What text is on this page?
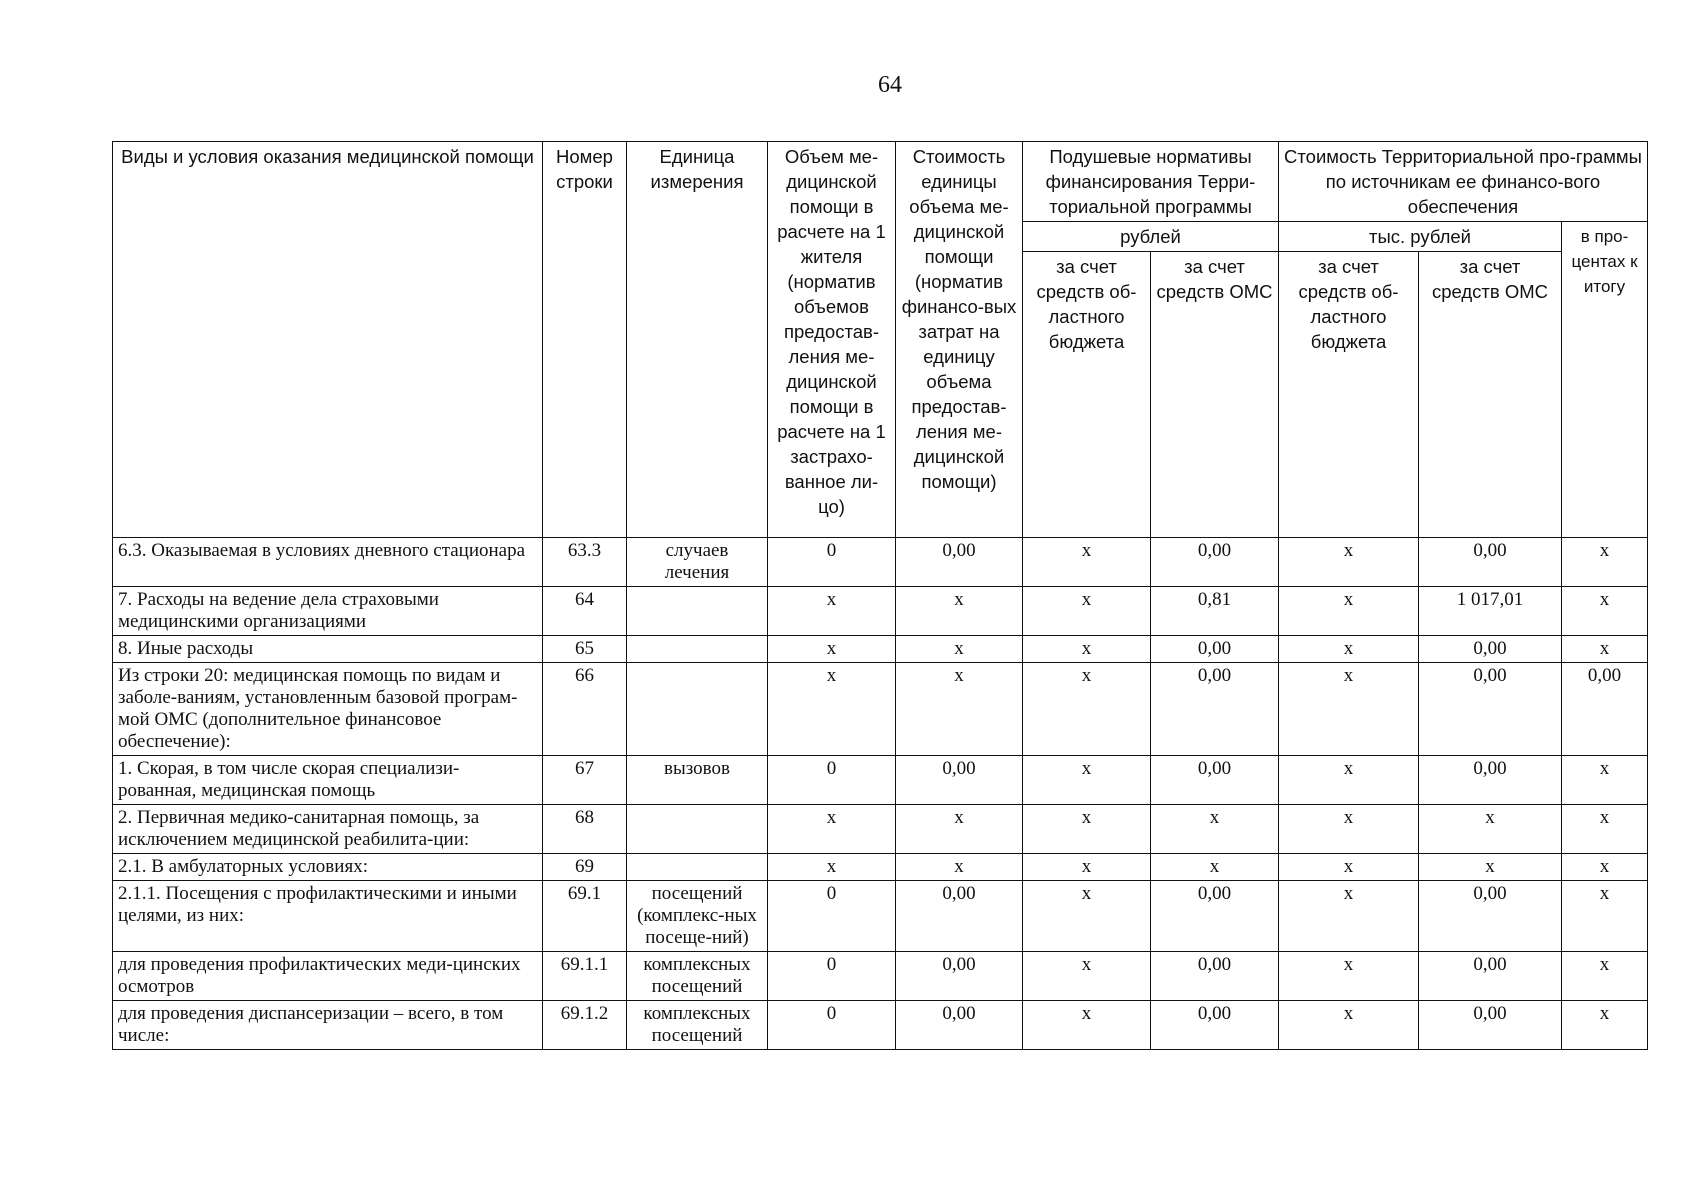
64
Виды и условия оказания медицинской помощи	Номер строки	Единица измерения	Объем ме-дицинской помощи в расчете на 1 жителя (норматив объемов предостав-ления ме-дицинской помощи в расчете на 1 застрахо-ванное ли-цо)	Стоимость единицы объема ме-дицинской помощи (норматив финансо-вых затрат на единицу объема предостав-ления ме-дицинской помощи)	Подушевые нормативы финансирования Терри-ториальной программы		Стоимость Территориальной про-граммы по источникам ее финансо-вого обеспечения		
					рублей		тыс. рублей		в про-центах к итогу
					за счет средств об-ластного бюджета	за счет средств ОМС	за счет средств об-ластного бюджета	за счет средств ОМС	
6.3. Оказываемая в условиях дневного стационара	63.3	случаев лечения	0	0,00	x	0,00	x	0,00	x
7. Расходы на ведение дела страховыми медицинскими организациями	64		x	x	x	0,81	x	1 017,01	x
8. Иные расходы	65		x	x	x	0,00	x	0,00	x
Из строки 20: медицинская помощь по видам и заболе-ваниям, установленным базовой програм-мой ОМС (дополнительное финансовое обеспечение):	66		x	x	x	0,00	x	0,00	0,00
1. Скорая, в том числе скорая специализи-рованная, медицинская помощь	67	вызовов	0	0,00	x	0,00	x	0,00	x
2. Первичная медико-санитарная помощь, за исключением медицинской реабилита-ции:	68		x	x	x	x	x	x	x
2.1. В амбулаторных условиях:	69		x	x	x	x	x	x	x
2.1.1. Посещения с профилактическими и иными целями, из них:	69.1	посещений (комплекс-ных посеще-ний)	0	0,00	x	0,00	x	0,00	x
для проведения профилактических меди-цинских осмотров	69.1.1	комплексных посещений	0	0,00	x	0,00	x	0,00	x
для проведения диспансеризации – всего, в том числе:	69.1.2	комплексных посещений	0	0,00	x	0,00	x	0,00	x
